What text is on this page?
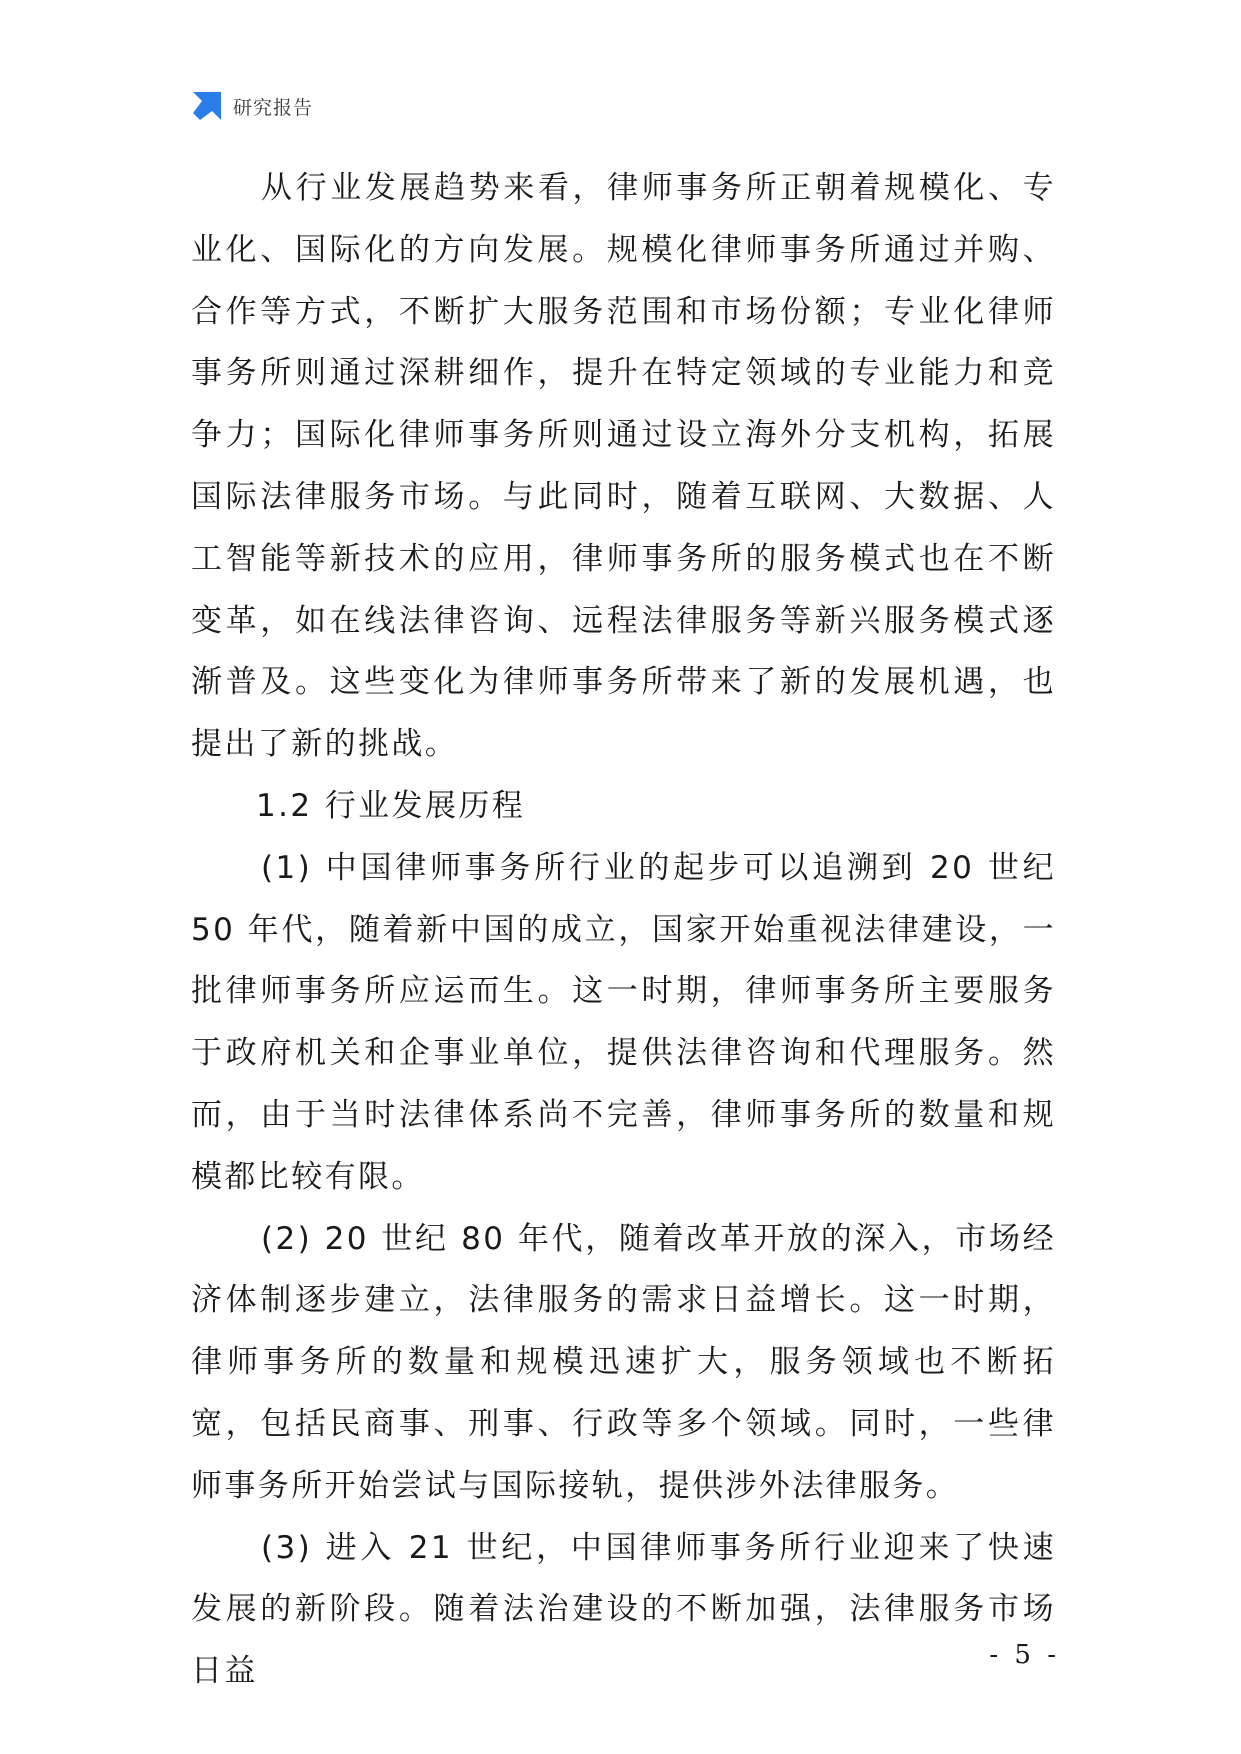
研究报告

从行业发展趋势来看，律师事务所正朝着规模化、专业化、国际化的方向发展。规模化律师事务所通过并购、合作等方式，不断扩大服务范围和市场份额；专业化律师事务所则通过深耕细作，提升在特定领域的专业能力和竞争力；国际化律师事务所则通过设立海外分支机构，拓展国际法律服务市场。与此同时，随着互联网、大数据、人工智能等新技术的应用，律师事务所的服务模式也在不断变革，如在线法律咨询、远程法律服务等新兴服务模式逐渐普及。这些变化为律师事务所带来了新的发展机遇，也提出了新的挑战。

1.2 行业发展历程

(1) 中国律师事务所行业的起步可以追溯到 20 世纪 50 年代，随着新中国的成立，国家开始重视法律建设，一批律师事务所应运而生。这一时期，律师事务所主要服务于政府机关和企事业单位，提供法律咨询和代理服务。然而，由于当时法律体系尚不完善，律师事务所的数量和规模都比较有限。

(2) 20 世纪 80 年代，随着改革开放的深入，市场经济体制逐步建立，法律服务的需求日益增长。这一时期，律师事务所的数量和规模迅速扩大，服务领域也不断拓宽，包括民商事、刑事、行政等多个领域。同时，一些律师事务所开始尝试与国际接轨，提供涉外法律服务。

(3) 进入 21 世纪，中国律师事务所行业迎来了快速发展的新阶段。随着法治建设的不断加强，法律服务市场日益	- 5 -
